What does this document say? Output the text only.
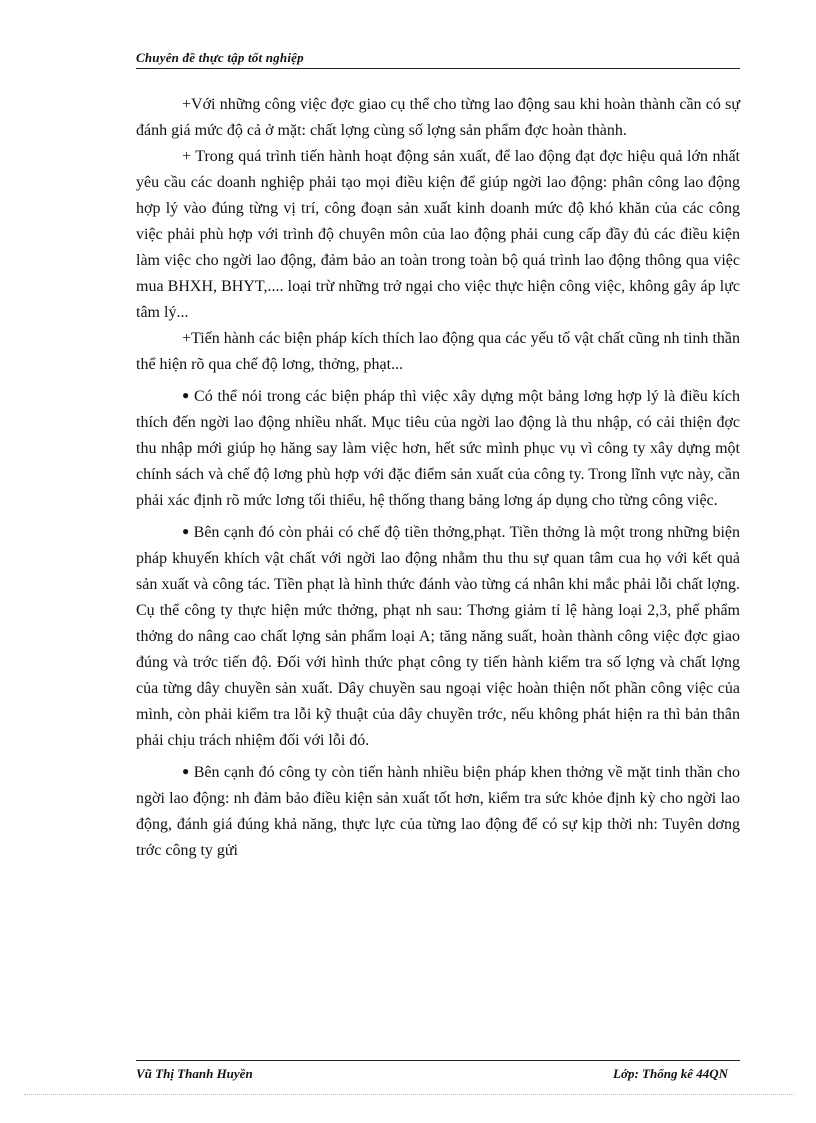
Chuyên đề thực tập tốt nghiệp

+Với những công việc đợc giao cụ thể cho từng lao động sau khi hoàn thành cần có sự đánh giá mức độ cả ở mặt: chất lợng cùng số lợng sản phẩm đợc hoàn thành.

+ Trong quá trình tiến hành hoạt động sản xuất, để lao động đạt đợc hiệu quả lớn nhất yêu cầu các doanh nghiệp phải tạo mọi điều kiện để giúp ngời lao động: phân công lao động hợp lý vào đúng từng vị trí, công đoạn sản xuất kinh doanh mức độ khó khăn của các công việc phải phù hợp với trình độ chuyên môn của lao động phải cung cấp đầy đủ các điều kiện làm việc cho ngời lao động, đảm bảo an toàn trong toàn bộ quá trình lao động thông qua việc mua BHXH, BHYT,.... loại trừ những trở ngại cho việc thực hiện công việc, không gây áp lực tâm lý...

+Tiến hành các biện pháp kích thích lao động qua các yếu tố vật chất cũng nh tinh thần thể hiện rõ qua chế độ lơng, thởng, phạt...

● Có thể nói trong các biện pháp thì việc xây dựng một bảng lơng hợp lý là điều kích thích đến ngời lao động nhiều nhất. Mục tiêu của ngời lao động là thu nhập, có cải thiện đợc thu nhập mới giúp họ hăng say làm việc hơn, hết sức mình phục vụ vì công ty xây dựng một chính sách và chế độ lơng phù hợp với đặc điểm sản xuất của công ty. Trong lĩnh vực này, cần phải xác định rõ mức lơng tối thiểu, hệ thống thang bảng lơng áp dụng cho từng công việc.

● Bên cạnh đó còn phải có chế độ tiền thởng,phạt. Tiền thởng là một trong những biện pháp khuyến khích vật chất với ngời lao động nhằm thu thu sự quan tâm cua họ với kết quả sản xuất và công tác. Tiền phạt là hình thức đánh vào từng cá nhân khi mắc phải lỗi chất lợng. Cụ thể công ty thực hiện mức thởng, phạt nh sau: Thơng giảm tỉ lệ hàng loại 2,3, phế phẩm thởng do nâng cao chất lợng sản phẩm loại A; tăng năng suất, hoàn thành công việc đợc giao đúng và trớc tiến độ. Đối với hình thức phạt công ty tiến hành kiểm tra số lợng và chất lợng của từng dây chuyền sản xuất. Dây chuyền sau ngoại việc hoàn thiện nốt phần công việc của mình, còn phải kiểm tra lỗi kỹ thuật của dây chuyền trớc, nếu không phát hiện ra thì bản thân phải chịu trách nhiệm đối với lỗi đó.

● Bên cạnh đó công ty còn tiến hành nhiều biện pháp khen thởng về mặt tinh thần cho ngời lao động: nh đảm bảo điều kiện sản xuất tốt hơn, kiểm tra sức khỏe định kỳ cho ngời lao động, đánh giá đúng khả năng, thực lực của từng lao động để có sự kịp thời nh: Tuyên dơng trớc công ty gửi

Vũ Thị Thanh Huyền	Lớp: Thống kê 44QN
